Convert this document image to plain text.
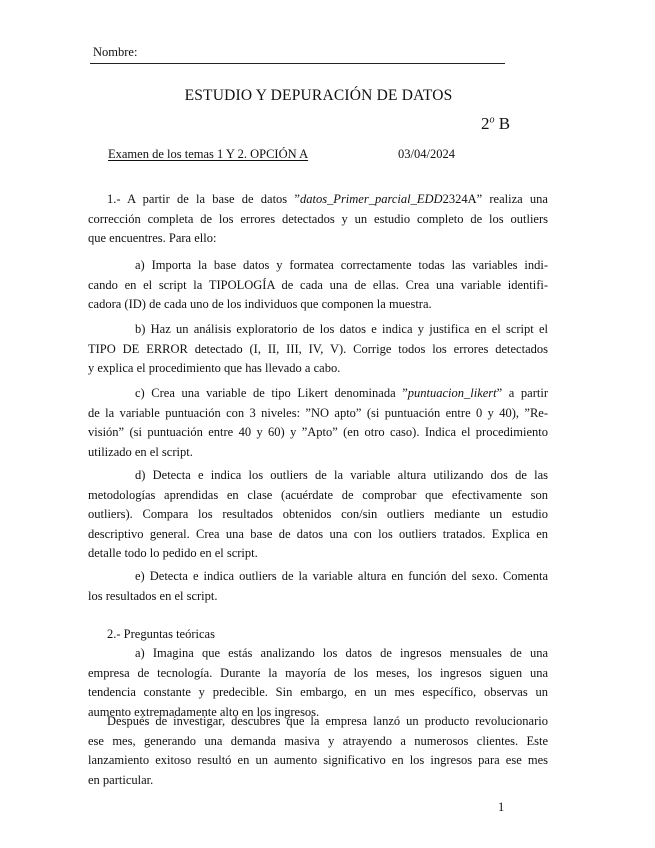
Nombre:
ESTUDIO Y DEPURACIÓN DE DATOS
2$^o$ B
Examen de los temas 1 Y 2. OPCIÓN A	03/04/2024
1.- A partir de la base de datos ”datos_Primer_parcial_EDD2324A” realiza una
corrección completa de los errores detectados y un estudio completo de los outliers
que encuentres. Para ello:
a) Importa la base datos y formatea correctamente todas las variables indi-
cando en el script la TIPOLOGÍA de cada una de ellas. Crea una variable identifi-
cadora (ID) de cada uno de los individuos que componen la muestra.
b) Haz un análisis exploratorio de los datos e indica y justifica en el script el
TIPO DE ERROR detectado (I, II, III, IV, V). Corrige todos los errores detectados
y explica el procedimiento que has llevado a cabo.
c) Crea una variable de tipo Likert denominada ”puntuacion_likert” a partir
de la variable puntuación con 3 niveles: ”NO apto” (si puntuación entre 0 y 40), ”Re-
visión” (si puntuación entre 40 y 60) y ”Apto” (en otro caso). Indica el procedimiento
utilizado en el script.
d) Detecta e indica los outliers de la variable altura utilizando dos de las
metodologías aprendidas en clase (acuérdate de comprobar que efectivamente son
outliers). Compara los resultados obtenidos con/sin outliers mediante un estudio
descriptivo general. Crea una base de datos una con los outliers tratados. Explica en
detalle todo lo pedido en el script.
e) Detecta e indica outliers de la variable altura en función del sexo. Comenta
los resultados en el script.
2.- Preguntas teóricas
a) Imagina que estás analizando los datos de ingresos mensuales de una
empresa de tecnología. Durante la mayoría de los meses, los ingresos siguen una
tendencia constante y predecible. Sin embargo, en un mes específico, observas un
aumento extremadamente alto en los ingresos.
Después de investigar, descubres que la empresa lanzó un producto revolucionario
ese mes, generando una demanda masiva y atrayendo a numerosos clientes. Este
lanzamiento exitoso resultó en un aumento significativo en los ingresos para ese mes
en particular.
1
